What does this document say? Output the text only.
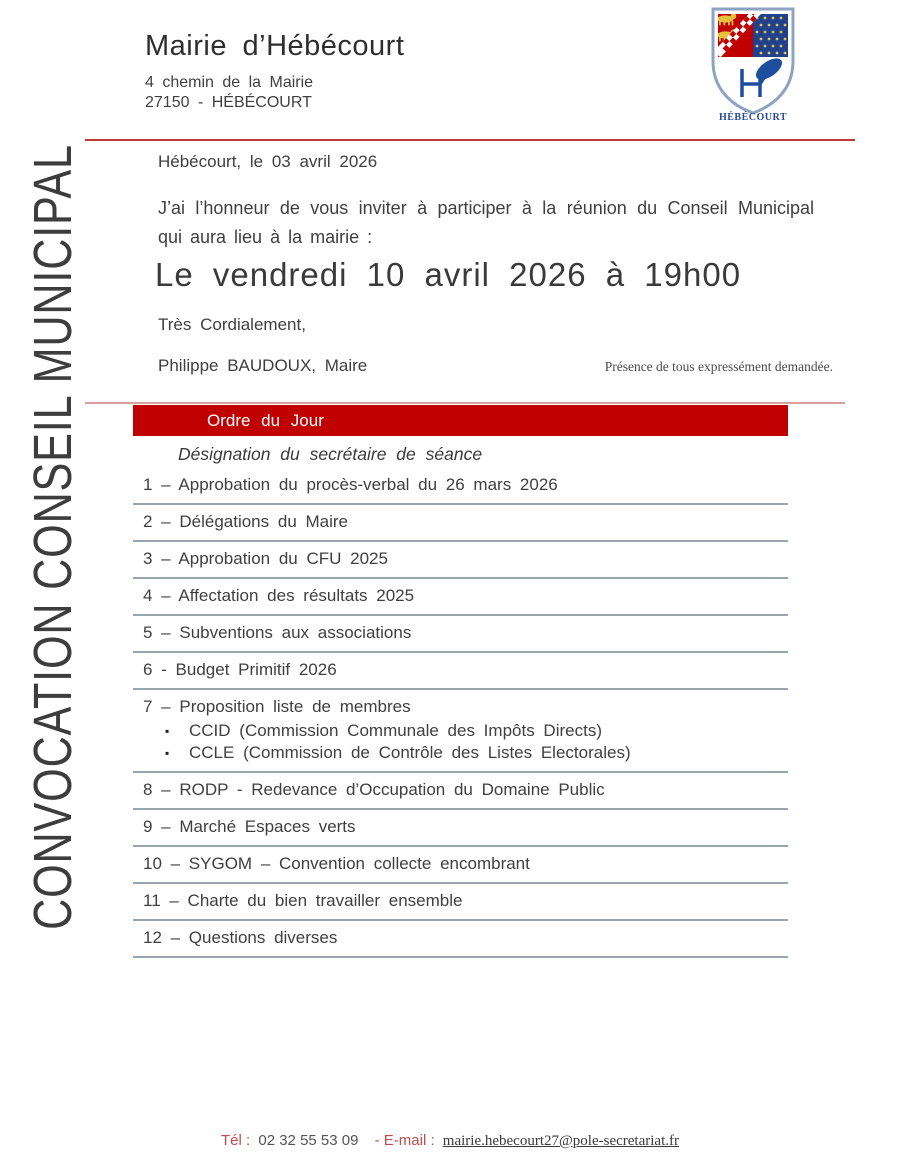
CONVOCATION CONSEIL MUNICIPAL
Mairie d’Hébécourt
4 chemin de la Mairie
27150 - HÉBÉCOURT
HÉBÉCOURT
Hébécourt, le 03 avril 2026
J’ai l’honneur de vous inviter à participer à la réunion du Conseil Municipal
qui aura lieu à la mairie :
Le vendredi 10 avril 2026 à 19h00
Très Cordialement,
Philippe BAUDOUX, Maire	Présence de tous expressément demandée.
Ordre du Jour
Désignation du secrétaire de séance
1 – Approbation du procès-verbal du 26 mars 2026
2 – Délégations du Maire
3 – Approbation du CFU 2025
4 – Affectation des résultats 2025
5 – Subventions aux associations
6 - Budget Primitif 2026
7 – Proposition liste de membres
▪ CCID (Commission Communale des Impôts Directs)
▪ CCLE (Commission de Contrôle des Listes Electorales)
8 – RODP - Redevance d’Occupation du Domaine Public
9 – Marché Espaces verts
10 – SYGOM – Convention collecte encombrant
11 – Charte du bien travailler ensemble
12 – Questions diverses
Tél : 02 32 55 53 09 - E-mail : mairie.hebecourt27@pole-secretariat.fr
